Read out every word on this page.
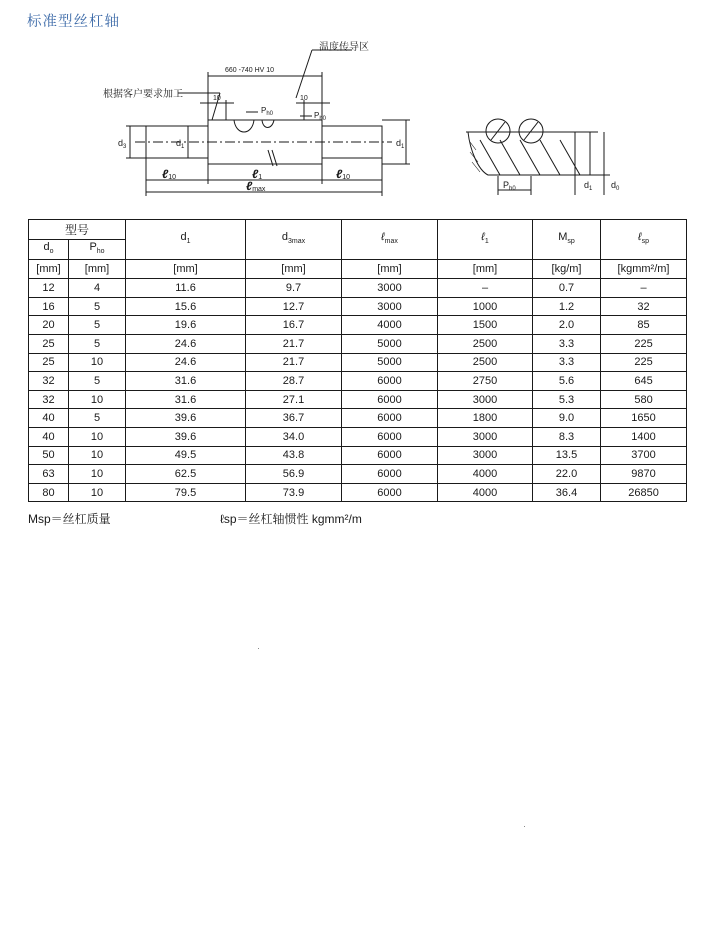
标准型丝杠轴
660 -740 HV 10
温度传导区
根据客户要求加工	10	10
$P_{h0}$	$P_{h0}$
$d_3$	$d_1$	$d_1$
ℓ10	ℓ1	ℓ10
ℓmax	$P_{h0}$	$d_1$ $d_0$
型号		$d_1$	$d_{3max}$	ℓ$_{max}$	ℓ$_1$	$M_{sp}$	ℓ$_{sp}$
$d_o$	$P_{ho}$
[mm]	[mm]	[mm]	[mm]	[mm]	[mm]	[kg/m]	[kgmm²/m]
12	4	11.6	9.7	3000	–	0.7	–
16	5	15.6	12.7	3000	1000	1.2	32
20	5	19.6	16.7	4000	1500	2.0	85
25	5	24.6	21.7	5000	2500	3.3	225
25	10	24.6	21.7	5000	2500	3.3	225
32	5	31.6	28.7	6000	2750	5.6	645
32	10	31.6	27.1	6000	3000	5.3	580
40	5	39.6	36.7	6000	1800	9.0	1650
40	10	39.6	34.0	6000	3000	8.3	1400
50	10	49.5	43.8	6000	3000	13.5	3700
63	10	62.5	56.9	6000	4000	22.0	9870
80	10	79.5	73.9	6000	4000	36.4	26850
Msp＝丝杠质量	ℓsp＝丝杠轴惯性 kgmm²/m
